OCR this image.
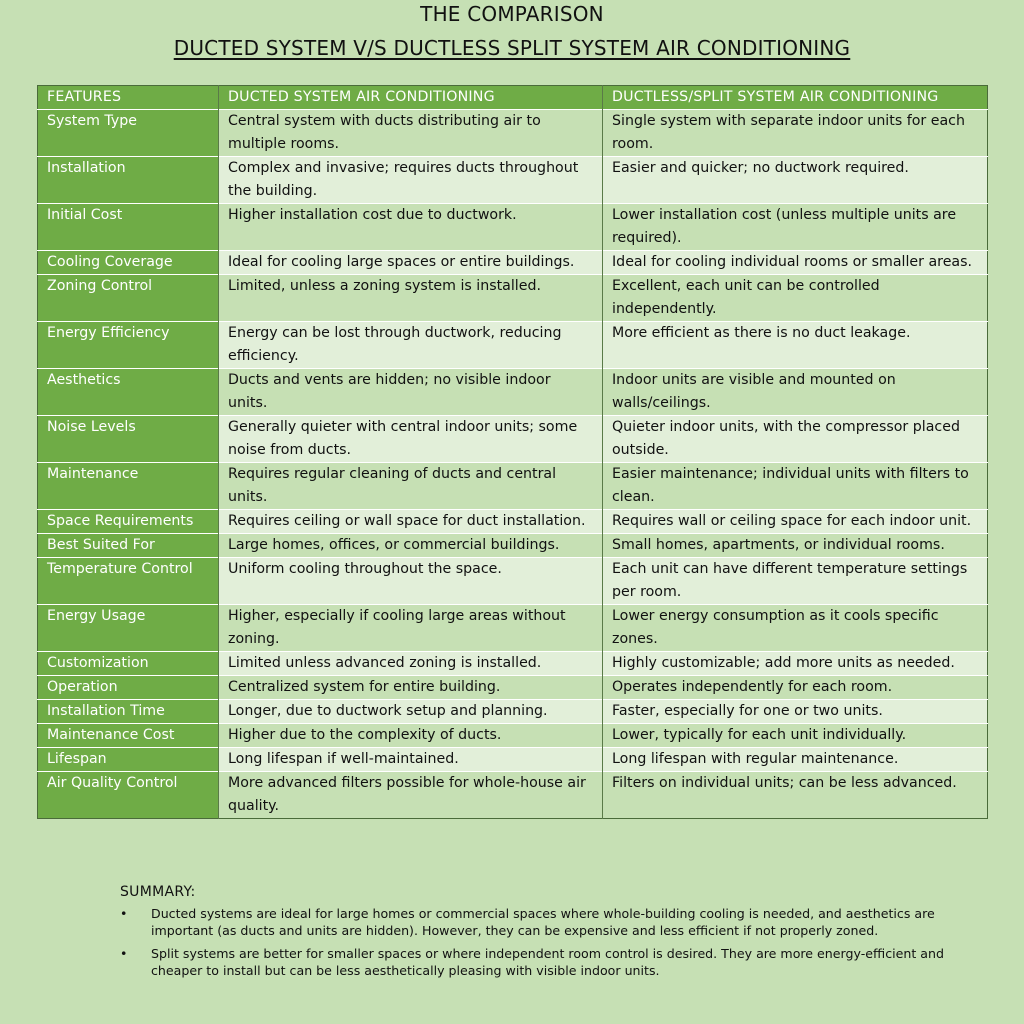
THE COMPARISON
DUCTED SYSTEM V/S DUCTLESS SPLIT SYSTEM AIR CONDITIONING
FEATURES	DUCTED SYSTEM AIR CONDITIONING	DUCTLESS/SPLIT SYSTEM AIR CONDITIONING
System Type	Central system with ducts distributing air to multiple rooms.	Single system with separate indoor units for each room.
Installation	Complex and invasive; requires ducts throughout the building.	Easier and quicker; no ductwork required.
Initial Cost	Higher installation cost due to ductwork.	Lower installation cost (unless multiple units are required).
Cooling Coverage	Ideal for cooling large spaces or entire buildings.	Ideal for cooling individual rooms or smaller areas.
Zoning Control	Limited, unless a zoning system is installed.	Excellent, each unit can be controlled independently.
Energy Efficiency	Energy can be lost through ductwork, reducing efficiency.	More efficient as there is no duct leakage.
Aesthetics	Ducts and vents are hidden; no visible indoor units.	Indoor units are visible and mounted on walls/ceilings.
Noise Levels	Generally quieter with central indoor units; some noise from ducts.	Quieter indoor units, with the compressor placed outside.
Maintenance	Requires regular cleaning of ducts and central units.	Easier maintenance; individual units with filters to clean.
Space Requirements	Requires ceiling or wall space for duct installation.	Requires wall or ceiling space for each indoor unit.
Best Suited For	Large homes, offices, or commercial buildings.	Small homes, apartments, or individual rooms.
Temperature Control	Uniform cooling throughout the space.	Each unit can have different temperature settings per room.
Energy Usage	Higher, especially if cooling large areas without zoning.	Lower energy consumption as it cools specific zones.
Customization	Limited unless advanced zoning is installed.	Highly customizable; add more units as needed.
Operation	Centralized system for entire building.	Operates independently for each room.
Installation Time	Longer, due to ductwork setup and planning.	Faster, especially for one or two units.
Maintenance Cost	Higher due to the complexity of ducts.	Lower, typically for each unit individually.
Lifespan	Long lifespan if well-maintained.	Long lifespan with regular maintenance.
Air Quality Control	More advanced filters possible for whole-house air quality.	Filters on individual units; can be less advanced.
SUMMARY:
• Ducted systems are ideal for large homes or commercial spaces where whole-building cooling is needed, and aesthetics are important (as ducts and units are hidden). However, they can be expensive and less efficient if not properly zoned.
• Split systems are better for smaller spaces or where independent room control is desired. They are more energy-efficient and cheaper to install but can be less aesthetically pleasing with visible indoor units.
